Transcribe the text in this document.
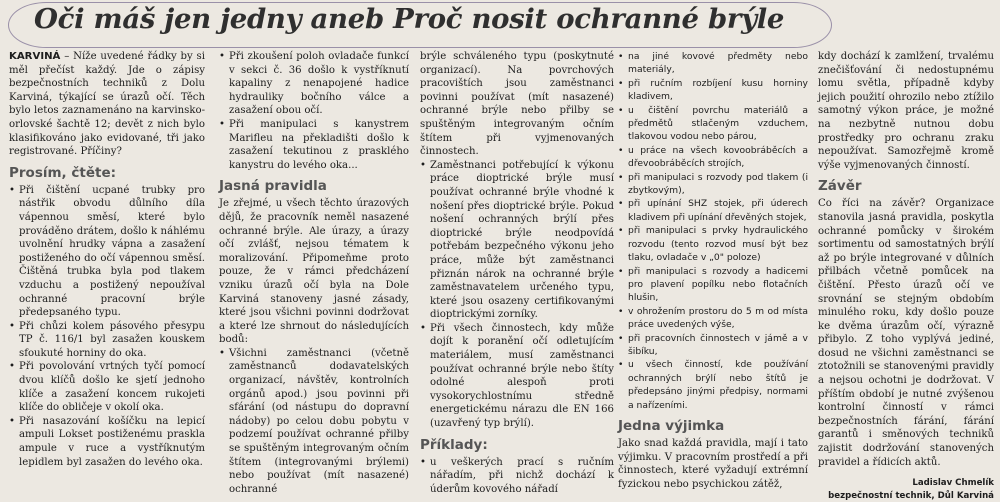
Oči máš jen jedny aneb Proč nosit ochranné brýle

KARVINÁ – Níže uvedené řádky by si měl přečíst každý. Jde o zápisy bezpečnostních techniků z Dolu Karviná, týkající se úrazů očí. Těch bylo letos zaznamenáno na karvinsko-orlovské šachtě 12; devět z nich bylo klasifikováno jako evidované, tři jako registrované. Příčiny?

Prosím, čtěte:
• Při čištění ucpané trubky pro nástřik obvodu důlního díla vápennou směsí, které bylo prováděno drátem, došlo k náhlému uvolnění hrudky vápna a zasažení postiženého do očí vápennou směsí. Čištěná trubka byla pod tlakem vzduchu a postižený nepoužíval ochranné pracovní brýle předepsaného typu.
• Při chůzi kolem pásového přesypu TP č. 116/1 byl zasažen kouskem sfoukuté horniny do oka.
• Při povolování vrtných tyčí pomocí dvou klíčů došlo ke sjetí jednoho klíče a zasažení koncem rukojeti klíče do obličeje v okolí oka.
• Při nasazování košíčku na lepicí ampuli Lokset postiženému praskla ampule v ruce a vystříknutým lepidlem byl zasažen do levého oka.
• Při zkoušení poloh ovladače funkcí v sekci č. 36 došlo k vystříknutí kapaliny z nenapojené hadice hydrauliky bočního válce a zasažení obou očí.
• Při manipulaci s kanystrem Marifleu na překladišti došlo k zasažení tekutinou z prasklého kanystru do levého oka...
Jasná pravidla

Je zřejmé, u všech těchto úrazových dějů, že pracovník neměl nasazené ochranné brýle. Ale úrazy, a úrazy očí zvlášť, nejsou tématem k moralizování. Připomeňme proto pouze, že v rámci předcházení vzniku úrazů očí byla na Dole Karviná stanoveny jasné zásady, které jsou všichni povinni dodržovat a které lze shrnout do následujících bodů:

• Všichni zaměstnanci (včetně zaměstnanců dodavatelských organizací, návštěv, kontrolních orgánů apod.) jsou povinni při sfárání (od nástupu do dopravní nádoby) po celou dobu pobytu v podzemí používat ochranné přilby se spuštěným integrovaným očním štítem (integrovanými brýlemi) nebo používat (mít nasazené) ochranné

brýle schváleného typu (poskytnuté organizací). Na povrchových pracovištích jsou zaměstnanci povinni používat (mít nasazené) ochranné brýle nebo přilby se spuštěným integrovaným očním štítem při vyjmenovaných činnostech.

• Zaměstnanci potřebující k výkonu práce dioptrické brýle musí používat ochranné brýle vhodné k nošení přes dioptrické brýle. Pokud nošení ochranných brýlí přes dioptrické brýle neodpovídá potřebám bezpečného výkonu jeho práce, může být zaměstnanci přiznán nárok na ochranné brýle zaměstnavatelem určeného typu, které jsou osazeny certifikovanými dioptrickými zorníky.
• Při všech činnostech, kdy může dojít k poranění očí odletujícím materiálem, musí zaměstnanci používat ochranné brýle nebo štíty odolné alespoň proti vysokorychlostnímu středně energetickému nárazu dle EN 166 (uzavřený typ brýlí).
Příklady:
• u veškerých prací s ručním nářadím, při nichž dochází k úderům kovového nářadí
• na jiné kovové předměty nebo materiály,
• při ručním rozbíjení kusu horniny kladivem,
• u čištění povrchu materiálů a předmětů stlačeným vzduchem, tlakovou vodou nebo párou,
• u práce na všech kovoobráběcích a dřevoobráběcích strojích,
• při manipulaci s rozvody pod tlakem (i zbytkovým),
• při upínání SHZ stojek, při úderech kladivem při upínání dřevěných stojek,
• při manipulaci s prvky hydraulického rozvodu (tento rozvod musí být bez tlaku, ovladače v „0" poloze)
• při manipulaci s rozvody a hadicemi pro plavení popílku nebo flotačních hlušin,
• v ohrožením prostoru do 5 m od místa práce uvedených výše,
• při pracovních činnostech v jámě a v šibíku,
• u všech činností, kde používání ochranných brýlí nebo štítů je předepsáno jinými předpisy, normami a nařízeními.
Jedna výjimka

Jako snad každá pravidla, mají i tato výjimku. V pracovním prostředí a při činnostech, které vyžadují extrémní fyzickou nebo psychickou zátěž,

kdy dochází k zamlžení, trvalému znečišťování či nedostupnému lomu světla, případně kdyby jejich použití ohrozilo nebo ztížilo samotný výkon práce, je možné na nezbytně nutnou dobu prostředky pro ochranu zraku nepoužívat. Samozřejmě kromě výše vyjmenovaných činností.

Závěr

Co říci na závěr? Organizace stanovila jasná pravidla, poskytla ochranné pomůcky v širokém sortimentu od samostatných brýlí až po brýle integrované v důlních přilbách včetně pomůcek na čištění. Přesto úrazů očí ve srovnání se stejným obdobím minulého roku, kdy došlo pouze ke dvěma úrazům očí, výrazně přibylo. Z toho vyplývá jediné, dosud ne všichni zaměstnanci se ztotožnili se stanovenými pravidly a nejsou ochotni je dodržovat. V příštím období je nutné zvýšenou kontrolní činností v rámci bezpečnostních fárání, fárání garantů i směnových techniků zajistit dodržování stanovených pravidel a řídicích aktů.

Ladislav Chmelík
bezpečnostní technik, Důl Karviná
